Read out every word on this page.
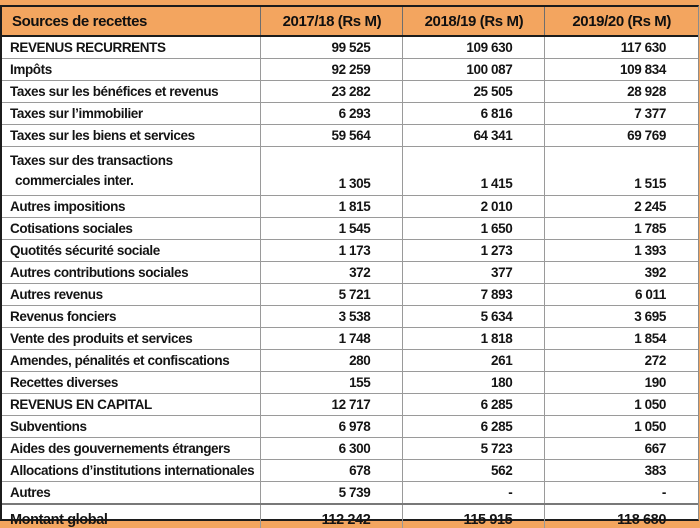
Sources de recettes	2017/18 (Rs M)	2018/19 (Rs M)	2019/20 (Rs M)
REVENUS RECURRENTS	99 525	109 630	117 630
Impôts	92 259	100 087	109 834
Taxes sur les bénéfices et revenus	23 282	25 505	28 928
Taxes sur l’immobilier	6 293	6 816	7 377
Taxes sur les biens et services	59 564	64 341	69 769

Taxes sur des transactions
commerciales inter.	1 305	1 415	1 515
Autres impositions	1 815	2 010	2 245
Cotisations sociales	1 545	1 650	1 785
Quotités sécurité sociale	1 173	1 273	1 393
Autres contributions sociales	372	377	392
Autres revenus	5 721	7 893	6 011
Revenus fonciers	3 538	5 634	3 695
Vente des produits et services	1 748	1 818	1 854
Amendes, pénalités et confiscations	280	261	272
Recettes diverses	155	180	190
REVENUS EN CAPITAL	12 717	6 285	1 050
Subventions	6 978	6 285	1 050
Aides des gouvernements étrangers	6 300	5 723	667
Allocations d’institutions internationales	678	562	383
Autres	5 739	-	-
Montant global	112 242	115 915	118 680
